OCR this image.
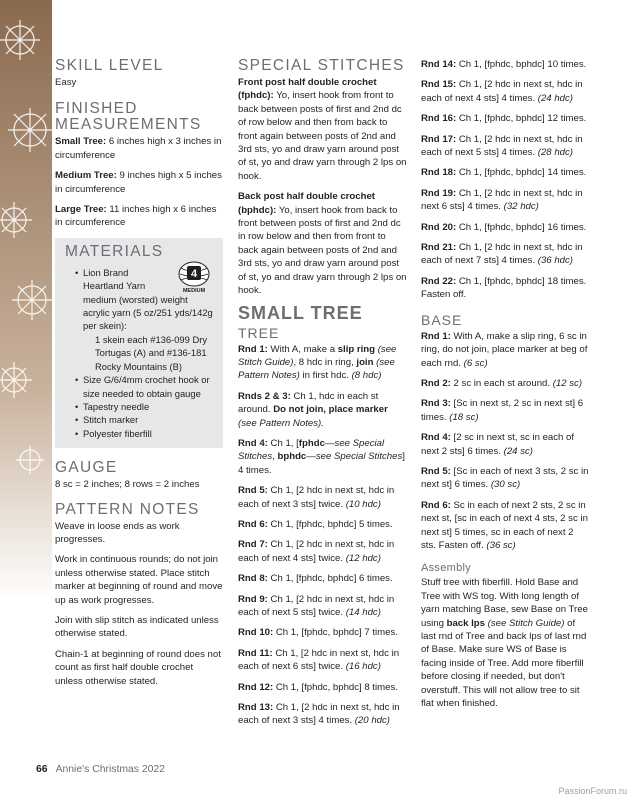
SKILL LEVEL

Easy

FINISHED
MEASUREMENTS

Small Tree: 6 inches high x 3 inches in circumference

Medium Tree: 9 inches high x 5 inches in circumference

Large Tree: 11 inches high x 6 inches in circumference

MATERIALS
4
MEDIUM
• Lion Brand
Heartland Yarn
medium (worsted) weight
acrylic yarn (5 oz/251 yds/142g
per skein):
1 skein each #136-099 Dry
Tortugas (A) and #136-181
Rocky Mountains (B)
• Size G/6/4mm crochet hook or
size needed to obtain gauge
• Tapestry needle
• Stitch marker
• Polyester fiberfill
GAUGE

8 sc = 2 inches; 8 rows = 2 inches

PATTERN NOTES

Weave in loose ends as work progresses.

Work in continuous rounds; do not join unless otherwise stated. Place stitch marker at beginning of round and move up as work progresses.

Join with slip stitch as indicated unless otherwise stated.

Chain-1 at beginning of round does not count as first half double crochet unless otherwise stated.

SPECIAL STITCHES

Front post half double crochet (fphdc): Yo, insert hook from front to back between posts of first and 2nd dc of row below and then from back to front again between posts of 2nd and 3rd sts, yo and draw yarn around post of st, yo and draw yarn through 2 lps on hook.

Back post half double crochet (bphdc): Yo, insert hook from back to front between posts of first and 2nd dc in row below and then from front to back again between posts of 2nd and 3rd sts, yo and draw yarn around post of st, yo and draw yarn through 2 lps on hook.

SMALL TREE
TREE

Rnd 1: With A, make a slip ring (see Stitch Guide), 8 hdc in ring, join (see Pattern Notes) in first hdc. (8 hdc)

Rnds 2 & 3: Ch 1, hdc in each st around. Do not join, place marker (see Pattern Notes).

Rnd 4: Ch 1, [fphdc—see Special Stitches, bphdc—see Special Stitches] 4 times.

Rnd 5: Ch 1, [2 hdc in next st, hdc in each of next 3 sts] twice. (10 hdc)

Rnd 6: Ch 1, [fphdc, bphdc] 5 times.

Rnd 7: Ch 1, [2 hdc in next st, hdc in each of next 4 sts] twice. (12 hdc)

Rnd 8: Ch 1, [fphdc, bphdc] 6 times.

Rnd 9: Ch 1, [2 hdc in next st, hdc in each of next 5 sts] twice. (14 hdc)

Rnd 10: Ch 1, [fphdc, bphdc] 7 times.

Rnd 11: Ch 1, [2 hdc in next st, hdc in each of next 6 sts] twice. (16 hdc)

Rnd 12: Ch 1, [fphdc, bphdc] 8 times.

Rnd 13: Ch 1, [2 hdc in next st, hdc in each of next 3 sts] 4 times. (20 hdc)

Rnd 14: Ch 1, [fphdc, bphdc] 10 times.

Rnd 15: Ch 1, [2 hdc in next st, hdc in each of next 4 sts] 4 times. (24 hdc)

Rnd 16: Ch 1, [fphdc, bphdc] 12 times.

Rnd 17: Ch 1, [2 hdc in next st, hdc in each of next 5 sts] 4 times. (28 hdc)

Rnd 18: Ch 1, [fphdc, bphdc] 14 times.

Rnd 19: Ch 1, [2 hdc in next st, hdc in next 6 sts] 4 times. (32 hdc)

Rnd 20: Ch 1, [fphdc, bphdc] 16 times.

Rnd 21: Ch 1, [2 hdc in next st, hdc in each of next 7 sts] 4 times. (36 hdc)

Rnd 22: Ch 1, [fphdc, bphdc] 18 times. Fasten off.

BASE

Rnd 1: With A, make a slip ring, 6 sc in ring, do not join, place marker at beg of each rnd. (6 sc)

Rnd 2: 2 sc in each st around. (12 sc)

Rnd 3: [Sc in next st, 2 sc in next st] 6 times. (18 sc)

Rnd 4: [2 sc in next st, sc in each of next 2 sts] 6 times. (24 sc)

Rnd 5: [Sc in each of next 3 sts, 2 sc in next st] 6 times. (30 sc)

Rnd 6: Sc in each of next 2 sts, 2 sc in next st, [sc in each of next 4 sts, 2 sc in next st] 5 times, sc in each of next 2 sts. Fasten off. (36 sc)

Assembly

Stuff tree with fiberfill. Hold Base and Tree with WS tog. With long length of yarn matching Base, sew Base on Tree using back lps (see Stitch Guide) of last rnd of Tree and back lps of last rnd of Base. Make sure WS of Base is facing inside of Tree. Add more fiberfill before closing if needed, but don't overstuff. This will not allow tree to sit flat when finished.

66 Annie's Christmas 2022
PassionForum.ru
